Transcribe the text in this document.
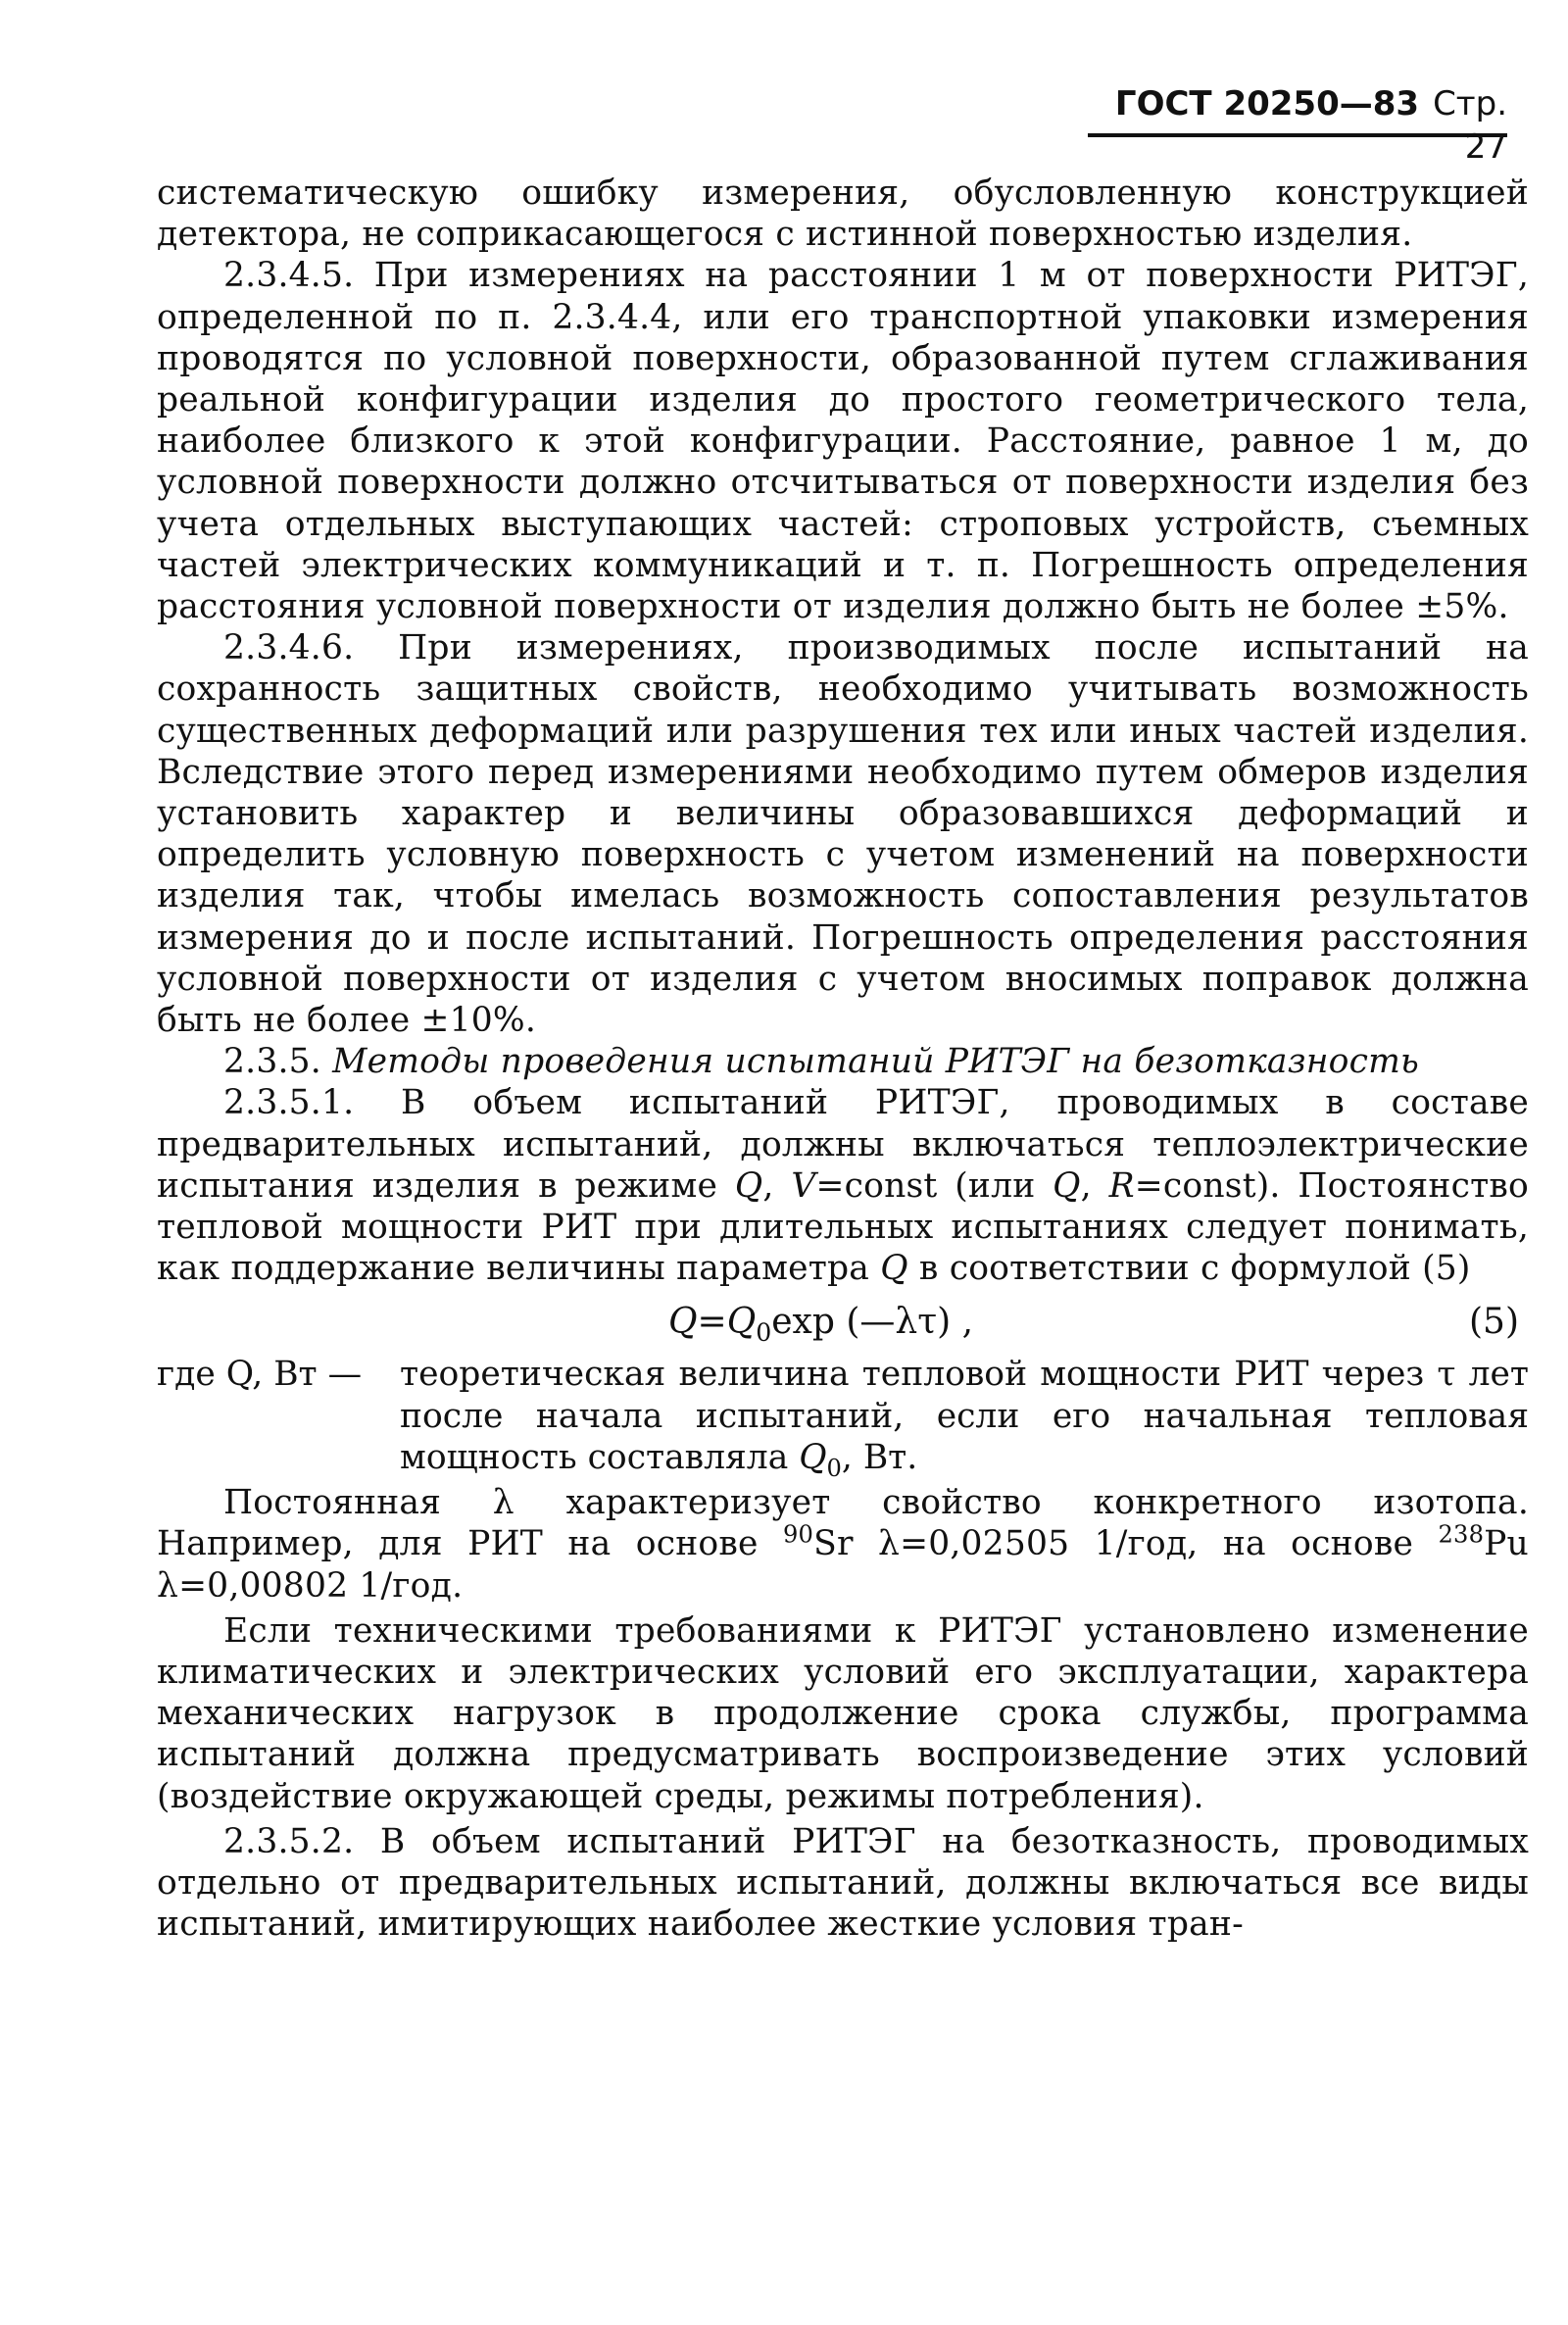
ГОСТ 20250—83 Стр. 27

систематическую ошибку измерения, обусловленную конструкцией детектора, не соприкасающегося с истинной поверхностью изделия.

2.3.4.5. При измерениях на расстоянии 1 м от поверхности РИТЭГ, определенной по п. 2.3.4.4, или его транспортной упаковки измерения проводятся по условной поверхности, образованной путем сглаживания реальной конфигурации изделия до простого геометрического тела, наиболее близкого к этой конфигурации. Расстояние, равное 1 м, до условной поверхности должно отсчитываться от поверхности изделия без учета отдельных выступающих частей: строповых устройств, съемных частей электрических коммуникаций и т. п. Погрешность определения расстояния условной поверхности от изделия должно быть не более ±5%.

2.3.4.6. При измерениях, производимых после испытаний на сохранность защитных свойств, необходимо учитывать возможность существенных деформаций или разрушения тех или иных частей изделия. Вследствие этого перед измерениями необходимо путем обмеров изделия установить характер и величины образовавшихся деформаций и определить условную поверхность с учетом изменений на поверхности изделия так, чтобы имелась возможность сопоставления результатов измерения до и после испытаний. Погрешность определения расстояния условной поверхности от изделия с учетом вносимых поправок должна быть не более ±10%.

2.3.5. Методы проведения испытаний РИТЭГ на безотказность

2.3.5.1. В объем испытаний РИТЭГ, проводимых в составе предварительных испытаний, должны включаться теплоэлектрические испытания изделия в режиме Q, V=const (или Q, R=const). Постоянство тепловой мощности РИТ при длительных испытаниях следует понимать, как поддержание величины параметра Q в соответствии с формулой (5)

$Q=Q_0\exp$ (—λτ) ,	(5)
где Q, Вт —	теоретическая величина тепловой мощности РИТ через τ лет после начала испытаний, если его начальная тепловая мощность составляла $Q_0$, Вт.

Постоянная λ характеризует свойство конкретного изотопа. Например, для РИТ на основе $^{90}$Sr λ=0,02505 1/год, на основе $^{238}$Pu λ=0,00802 1/год.

Если техническими требованиями к РИТЭГ установлено изменение климатических и электрических условий его эксплуатации, характера механических нагрузок в продолжение срока службы, программа испытаний должна предусматривать воспроизведение этих условий (воздействие окружающей среды, режимы потребления).

2.3.5.2. В объем испытаний РИТЭГ на безотказность, проводимых отдельно от предварительных испытаний, должны включаться все виды испытаний, имитирующих наиболее жесткие условия тран-
